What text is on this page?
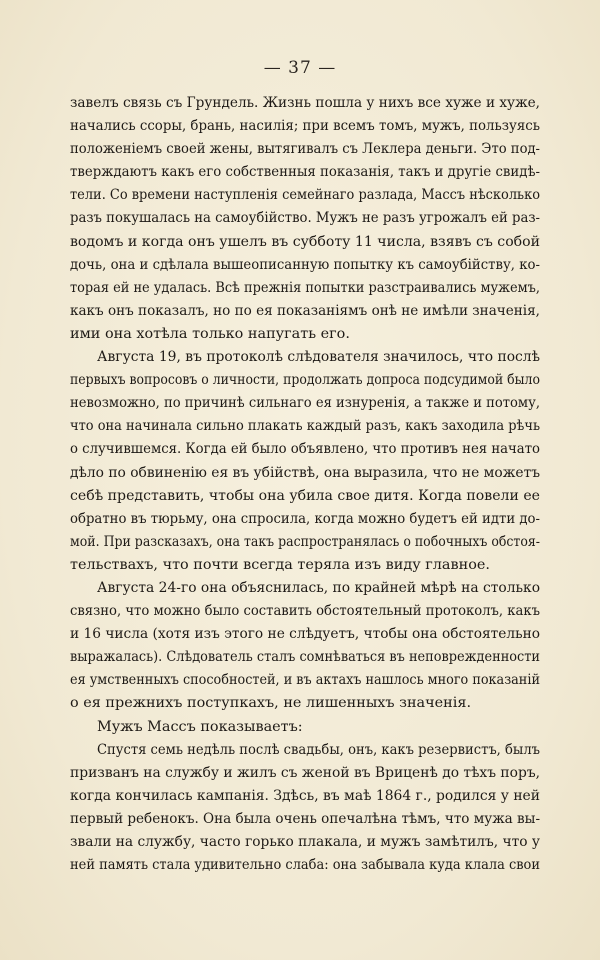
— 37 —
завелъ связь съ Грундель. Жизнь пошла у нихъ все хуже и хуже,
начались ссоры, брань, насилія; при всемъ томъ, мужъ, пользуясь
положеніемъ своей жены, вытягивалъ съ Леклера деньги. Это под-
тверждаютъ какъ его собственныя показанія, такъ и другіе свидѣ-
тели. Со времени наступленія семейнаго разлада, Массъ нѣсколько
разъ покушалась на самоубійство. Мужъ не разъ угрожалъ ей раз-
водомъ и когда онъ ушелъ въ субботу 11 числа, взявъ съ собой
дочь, она и сдѣлала вышеописанную попытку къ самоубійству, ко-
торая ей не удалась. Всѣ прежнія попытки разстраивались мужемъ,
какъ онъ показалъ, но по ея показаніямъ онѣ не имѣли значенія,
ими она хотѣла только напугать его.
Августа 19, въ протоколѣ слѣдователя значилось, что послѣ
первыхъ вопросовъ о личности, продолжать допроса подсудимой было
невозможно, по причинѣ сильнаго ея изнуренія, а также и потому,
что она начинала сильно плакать каждый разъ, какъ заходила рѣчь
о случившемся. Когда ей было объявлено, что противъ нея начато
дѣло по обвиненію ея въ убійствѣ, она выразила, что не можетъ
себѣ представить, чтобы она убила свое дитя. Когда повели ее
обратно въ тюрьму, она спросила, когда можно будетъ ей идти до-
мой. При разсказахъ, она такъ распространялась о побочныхъ обстоя-
тельствахъ, что почти всегда теряла изъ виду главное.
Августа 24-го она объяснилась, по крайней мѣрѣ на столько
связно, что можно было составить обстоятельный протоколъ, какъ
и 16 числа (хотя изъ этого не слѣдуетъ, чтобы она обстоятельно
выражалась). Слѣдователь сталъ сомнѣваться въ неповрежденности
ея умственныхъ способностей, и въ актахъ нашлось много показаній
о ея прежнихъ поступкахъ, не лишенныхъ значенія.
Мужъ Массъ показываетъ:
Спустя семь недѣль послѣ свадьбы, онъ, какъ резервистъ, былъ
призванъ на службу и жилъ съ женой въ Врицeнѣ до тѣхъ поръ,
когда кончилась кампанія. Здѣсь, въ маѣ 1864 г., родился у ней
первый ребенокъ. Она была очень опечалѣна тѣмъ, что мужа вы-
звали на службу, часто горько плакала, и мужъ замѣтилъ, что у
ней память стала удивительно слаба: она забывала куда клала свои
